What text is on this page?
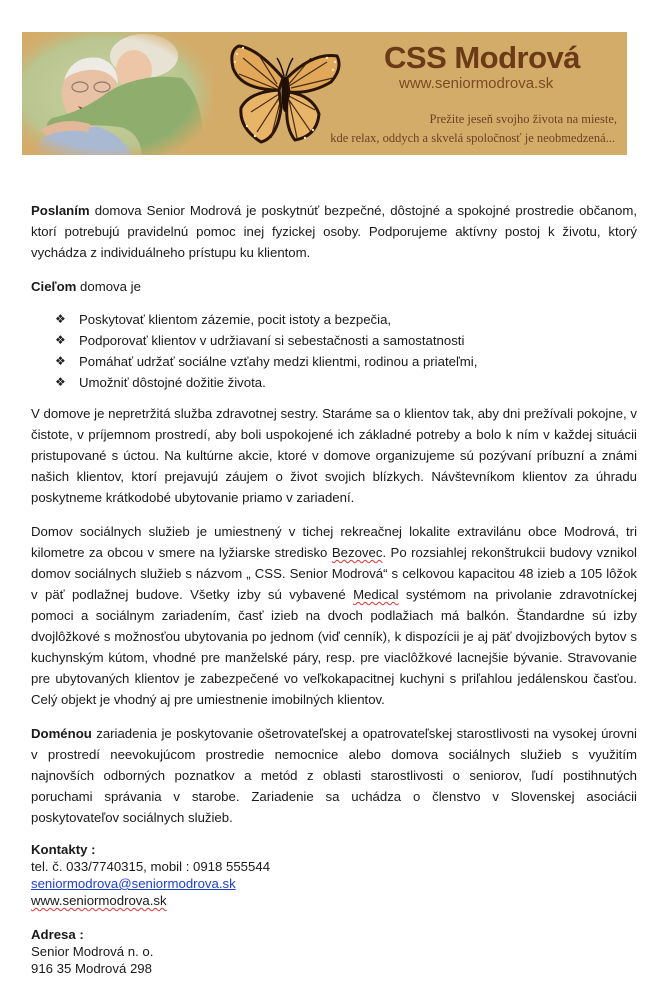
CSS Modrová
www.seniormodrova.sk
Prežite jeseň svojho života na mieste,
kde relax, oddych a skvelá spoločnosť je neobmedzená...

Poslaním domova Senior Modrová je poskytnúť bezpečné, dôstojné a spokojné prostredie občanom, ktorí potrebujú pravidelnú pomoc inej fyzickej osoby. Podporujeme aktívny postoj k životu, ktorý vychádza z individuálneho prístupu ku klientom.

Cieľom domova je

❖ Poskytovať klientom zázemie, pocit istoty a bezpečia,
❖ Podporovať klientov v udržiavaní si sebestačnosti a samostatnosti
❖ Pomáhať udržať sociálne vzťahy medzi klientmi, rodinou a priateľmi,
❖ Umožniť dôstojné dožitie života.

V domove je nepretržitá služba zdravotnej sestry. Staráme sa o klientov tak, aby dni prežívali pokojne, v čistote, v príjemnom prostredí, aby boli uspokojené ich základné potreby a bolo k ním v každej situácii pristupované s úctou. Na kultúrne akcie, ktoré v domove organizujeme sú pozývaní príbuzní a známi našich klientov, ktorí prejavujú záujem o život svojich blízkych. Návštevníkom klientov za úhradu poskytneme krátkodobé ubytovanie priamo v zariadení.

Domov sociálnych služieb je umiestnený v tichej rekreačnej lokalite extravilánu obce Modrová, tri kilometre za obcou v smere na lyžiarske stredisko Bezovec. Po rozsiahlej rekonštrukcii budovy vznikol domov sociálnych služieb s názvom „ CSS. Senior Modrová“ s celkovou kapacitou 48 izieb a 105 lôžok v päť podlažnej budove. Všetky izby sú vybavené Medical systémom na privolanie zdravotníckej pomoci a sociálnym zariadením, časť izieb na dvoch podlažiach má balkón. Štandardne sú izby dvojlôžkové s možnosťou ubytovania po jednom (viď cenník), k dispozícii je aj päť dvojizbových bytov s kuchynským kútom, vhodné pre manželské páry, resp. pre viaclôžkové lacnejšie bývanie. Stravovanie pre ubytovaných klientov je zabezpečené vo veľkokapacitnej kuchyni s priľahlou jedálenskou časťou. Celý objekt je vhodný aj pre umiestnenie imobilných klientov.

Doménou zariadenia je poskytovanie ošetrovateľskej a opatrovateľskej starostlivosti na vysokej úrovni v prostredí neevokujúcom prostredie nemocnice alebo domova sociálnych služieb s využitím najnovších odborných poznatkov a metód z oblasti starostlivosti o seniorov, ľudí postihnutých poruchami správania v starobe. Zariadenie sa uchádza o členstvo v Slovenskej asociácii poskytovateľov sociálnych služieb.

Kontakty :
tel. č. 033/7740315, mobil : 0918 555544
seniormodrova@seniormodrova.sk
www.seniormodrova.sk
Adresa :
Senior Modrová n. o.
916 35 Modrová 298
